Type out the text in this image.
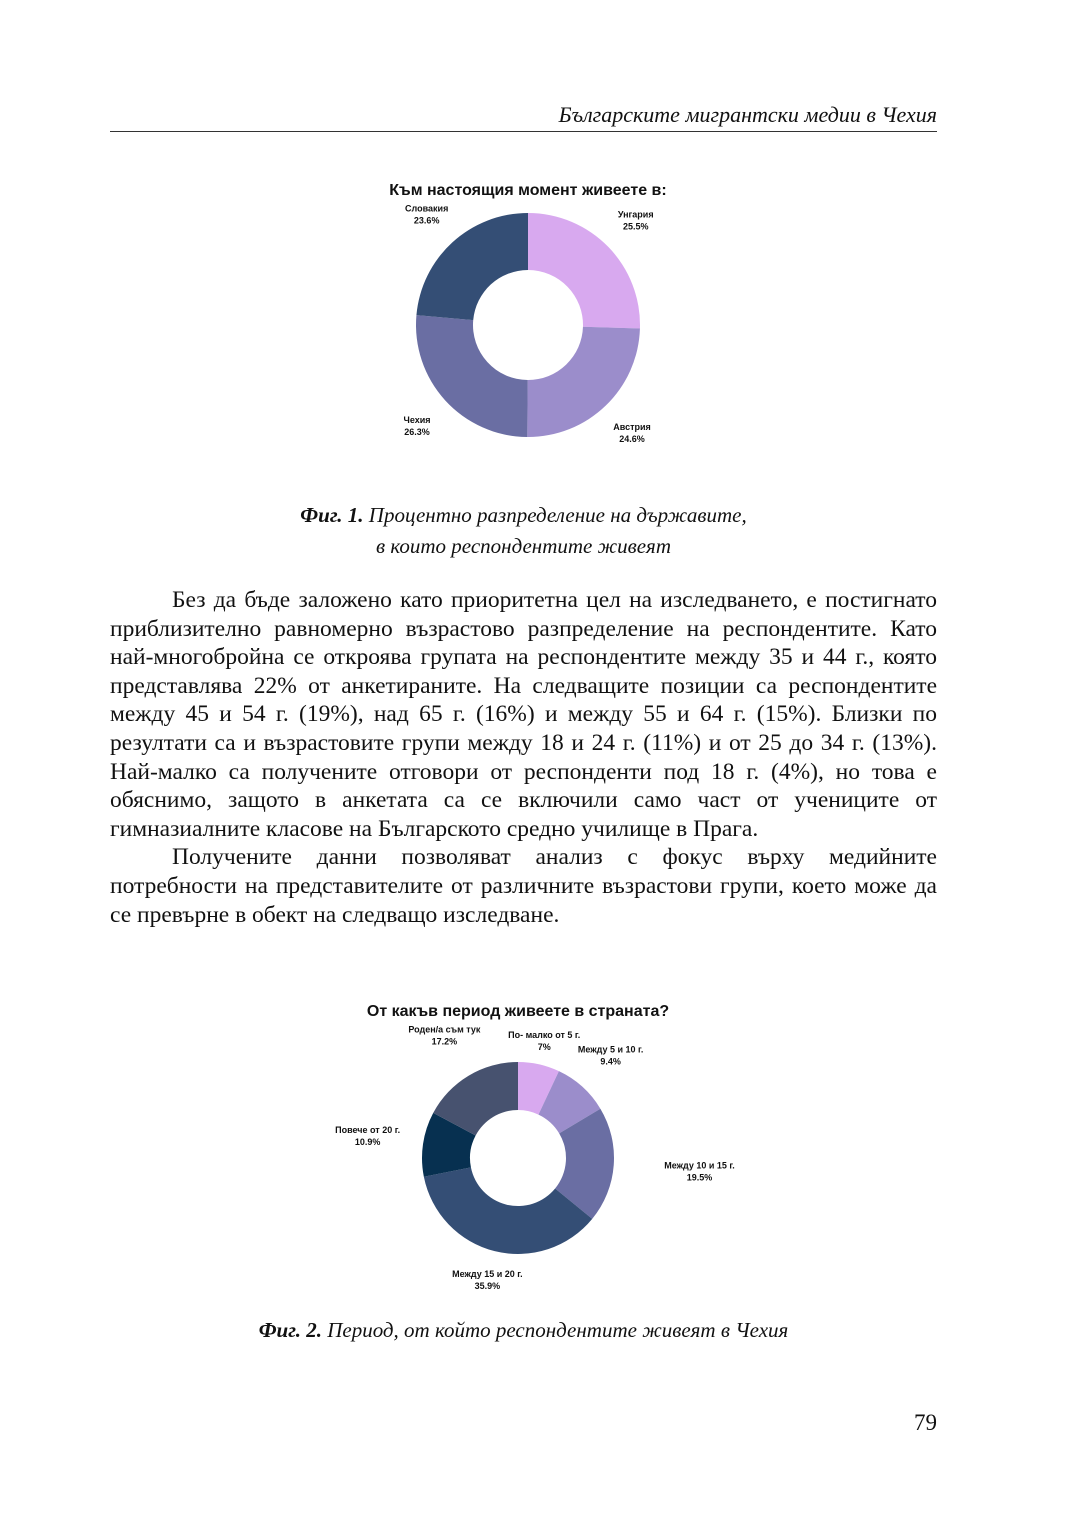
Българските мигрантски медии в Чехия
Към настоящия момент живеете в:
Унгария
25.5%
Австрия
24.6%
Чехия
26.3%
Словакия
23.6%
Фиг. 1. Процентно разпределение на държавите,
в които респондентите живеят

Без да бъде заложено като приоритетна цел на изследването, е постигнато приблизително равномерно възрастово разпределение на респондентите. Като най-многобройна се откроява групата на респондентите между 35 и 44 г., която представлява 22% от анкетираните. На следващите позиции са респондентите между 45 и 54 г. (19%), над 65 г. (16%) и между 55 и 64 г. (15%). Близки по резултати са и възрастовите групи между 18 и 24 г. (11%) и от 25 до 34 г. (13%). Най-малко са получените отговори от респонденти под 18 г. (4%), но това е обяснимо, защото в анкетата са се включили само част от учениците от гимназиалните класове на Българското средно училище в Прага.

Получените данни позволяват анализ с фокус върху медийните потребности на представителите от различните възрастови групи, което може да се превърне в обект на следващо изследване.

От какъв период живеете в страната?
По- малко от 5 г.
7%	Между 5 и 10 г.
9.4%
Между 10 и 15 г.
19.5%
Между 15 и 20 г.
35.9%
Повече от 20 г.
10.9%
Роден/а съм тук
17.2%
Фиг. 2. Период, от който респондентите живеят в Чехия
79
